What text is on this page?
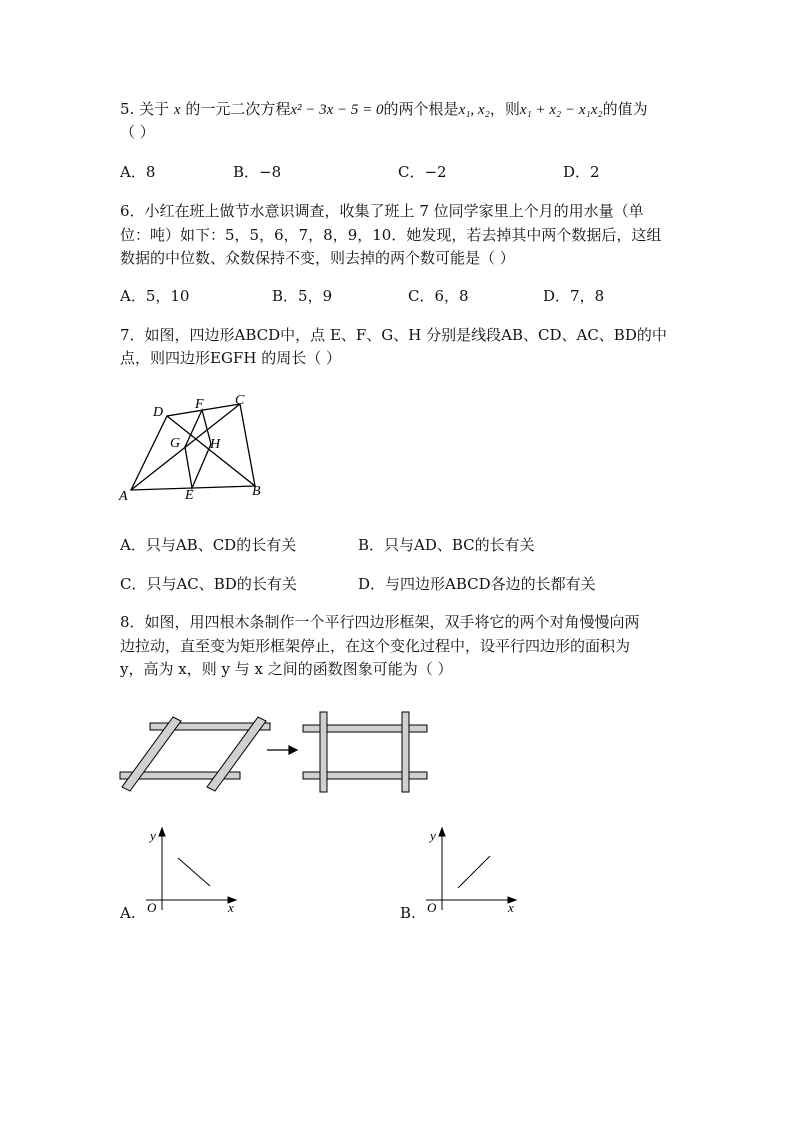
5. 关于 x 的一元二次方程x² − 3x − 5 = 0的两个根是x₁, x₂，则x₁ + x₂ − x₁x₂的值为
（ ）
A．8	B．−8	C．−2	D．2
6．小红在班上做节水意识调查，收集了班上 7 位同学家里上个月的用水量（单
位：吨）如下：5，5，6，7，8，9，10．她发现，若去掉其中两个数据后，这组
数据的中位数、众数保持不变，则去掉的两个数可能是（ ）
A．5，10	B．5，9	C．6，8	D．7，8
7．如图，四边形ABCD中，点 E、F、G、H 分别是线段AB、CD、AC、BD的中
点，则四边形EGFH 的周长（ ）
D
F C
G H
A	E	B
A．只与AB、CD的长有关	B．只与AD、BC的长有关
C．只与AC、BD的长有关	D．与四边形ABCD各边的长都有关
8．如图，用四根木条制作一个平行四边形框架，双手将它的两个对角慢慢向两
边拉动，直至变为矩形框架停止，在这个变化过程中，设平行四边形的面积为
y，高为 x，则 y 与 x 之间的函数图象可能为（ ）
y
x
O
A.
y
x
O
B.
